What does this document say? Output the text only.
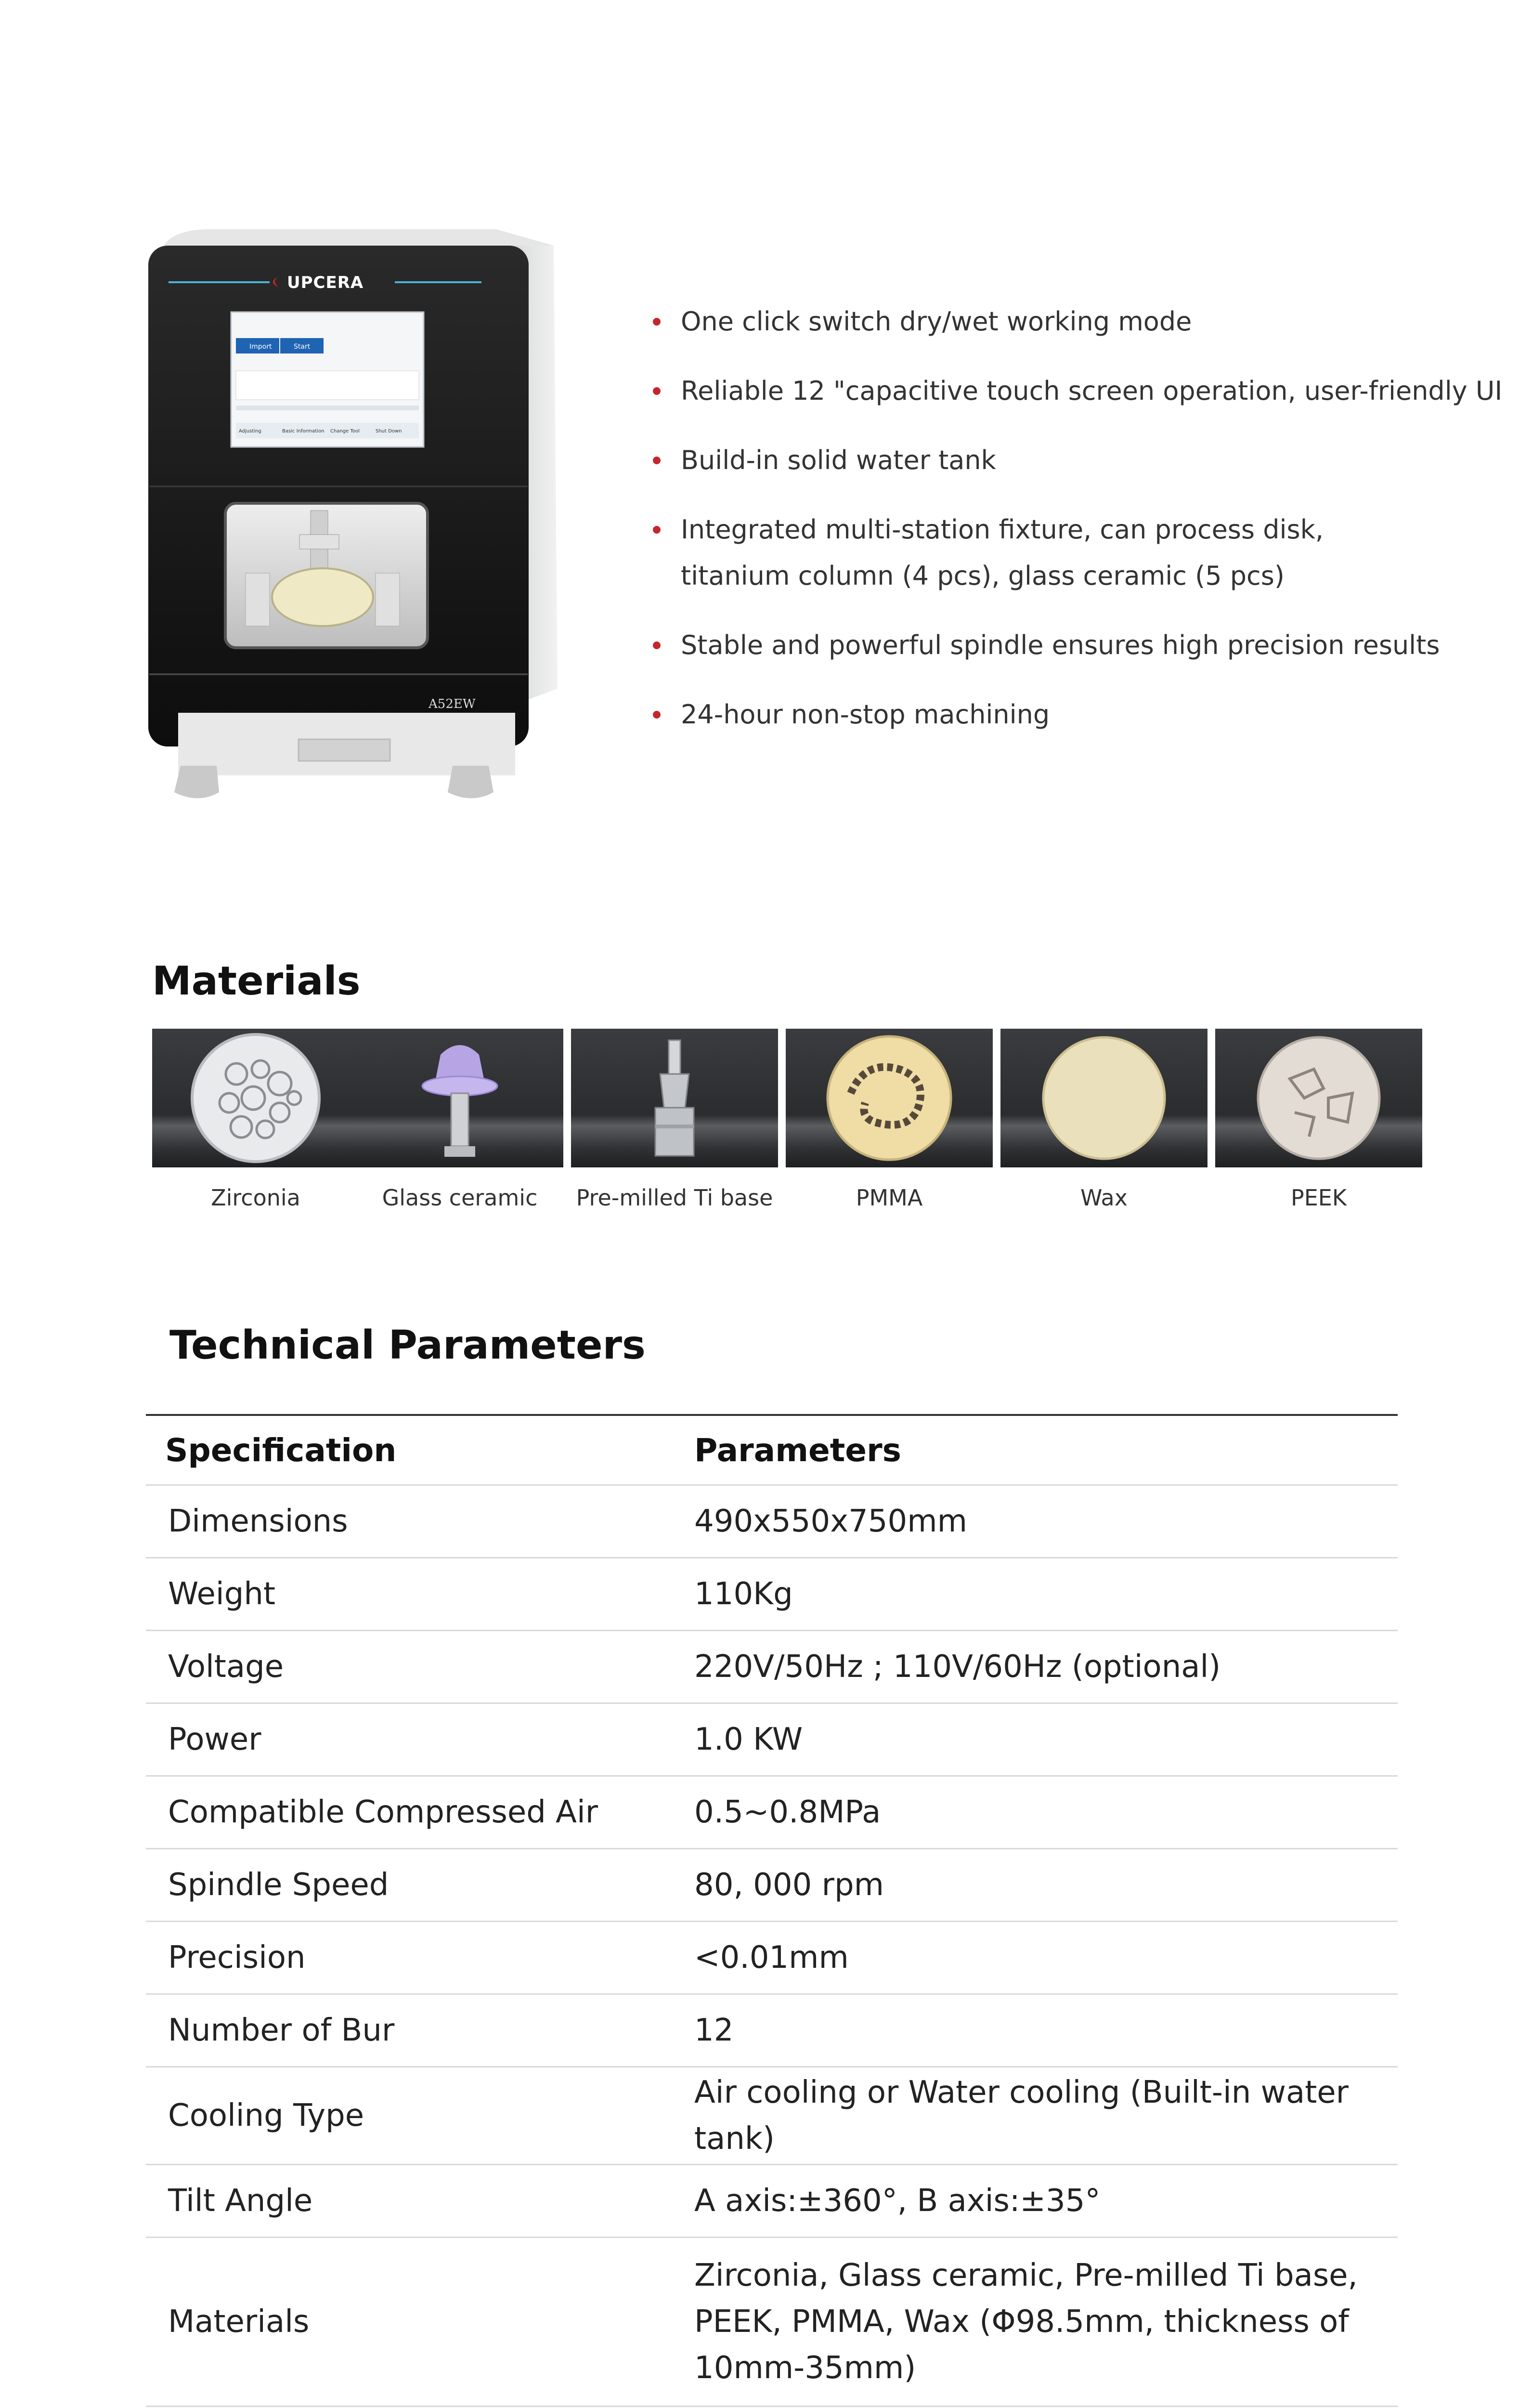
UPCERA
Import	Start
Adjusting	Basic Information Change Tool	Shut Down
A52EW
One click switch dry/wet working mode
Reliable 12 "capacitive touch screen operation, user-friendly UI
Build-in solid water tank
Integrated multi-station fixture, can process disk,
titanium column (4 pcs), glass ceramic (5 pcs)
Stable and powerful spindle ensures high precision results
24-hour non-stop machining
Materials
Zirconia	Glass ceramic	Pre-milled Ti base	PMMA	Wax	PEEK
Technical Parameters
Specification	Parameters
Dimensions	490x550x750mm
Weight	110Kg
Voltage	220V/50Hz ; 110V/60Hz (optional)
Power	1.0 KW
Compatible Compressed Air	0.5~0.8MPa
Spindle Speed	80, 000 rpm
Precision	<0.01mm
Number of Bur	12
Cooling Type	Air cooling or Water cooling (Built-in water tank)
Tilt Angle	A axis:±360°, B axis:±35°
Materials	Zirconia, Glass ceramic, Pre-milled Ti base,
PEEK, PMMA, Wax (Φ98.5mm, thickness of
10mm-35mm)
